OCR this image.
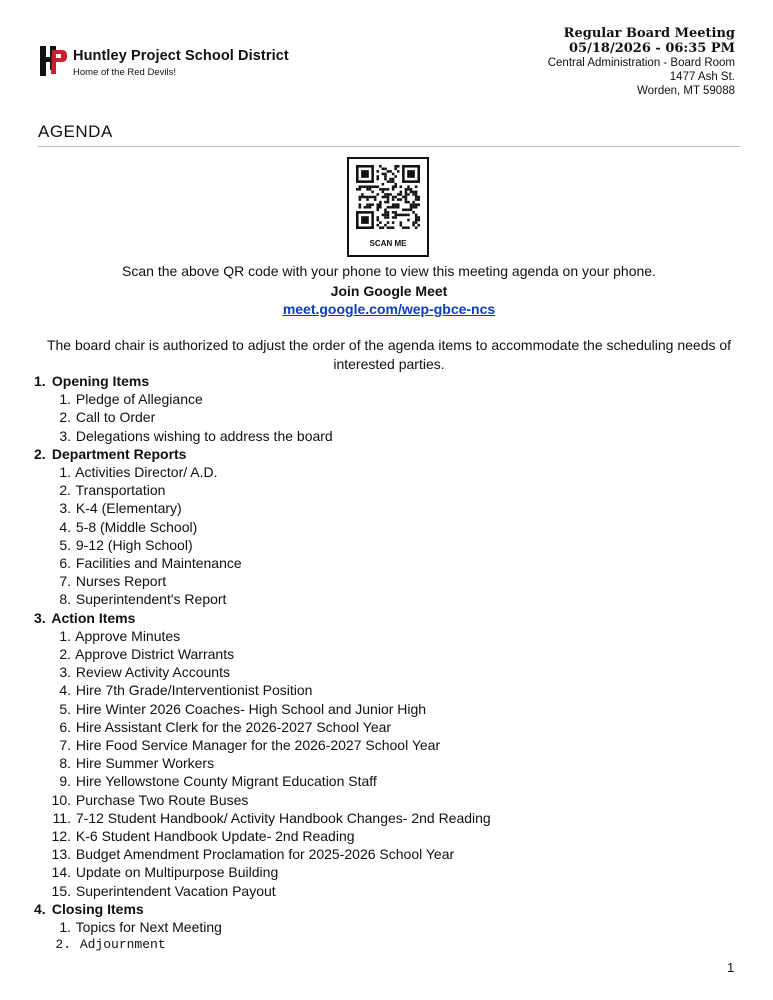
Huntley Project School District
Home of the Red Devils!
Regular Board Meeting
05/18/2026 - 06:35 PM
Central Administration - Board Room
1477 Ash St.
Worden, MT 59088
AGENDA
SCAN ME
Scan the above QR code with your phone to view this meeting agenda on your phone.
Join Google Meet
meet.google.com/wep-gbce-ncs
The board chair is authorized to adjust the order of the agenda items to accommodate the scheduling needs of interested parties.
1. Opening Items
1. Pledge of Allegiance
2. Call to Order
3. Delegations wishing to address the board
2. Department Reports
1. Activities Director/ A.D.
2. Transportation
3. K-4 (Elementary)
4. 5-8 (Middle School)
5. 9-12 (High School)
6. Facilities and Maintenance
7. Nurses Report
8. Superintendent's Report
3. Action Items
1. Approve Minutes
2. Approve District Warrants
3. Review Activity Accounts
4. Hire 7th Grade/Interventionist Position
5. Hire Winter 2026 Coaches- High School and Junior High
6. Hire Assistant Clerk for the 2026-2027 School Year
7. Hire Food Service Manager for the 2026-2027 School Year
8. Hire Summer Workers
9. Hire Yellowstone County Migrant Education Staff
10. Purchase Two Route Buses
11. 7-12 Student Handbook/ Activity Handbook Changes- 2nd Reading
12. K-6 Student Handbook Update- 2nd Reading
13. Budget Amendment Proclamation for 2025-2026 School Year
14. Update on Multipurpose Building
15. Superintendent Vacation Payout
4. Closing Items
1. Topics for Next Meeting
2. Adjournment
1
